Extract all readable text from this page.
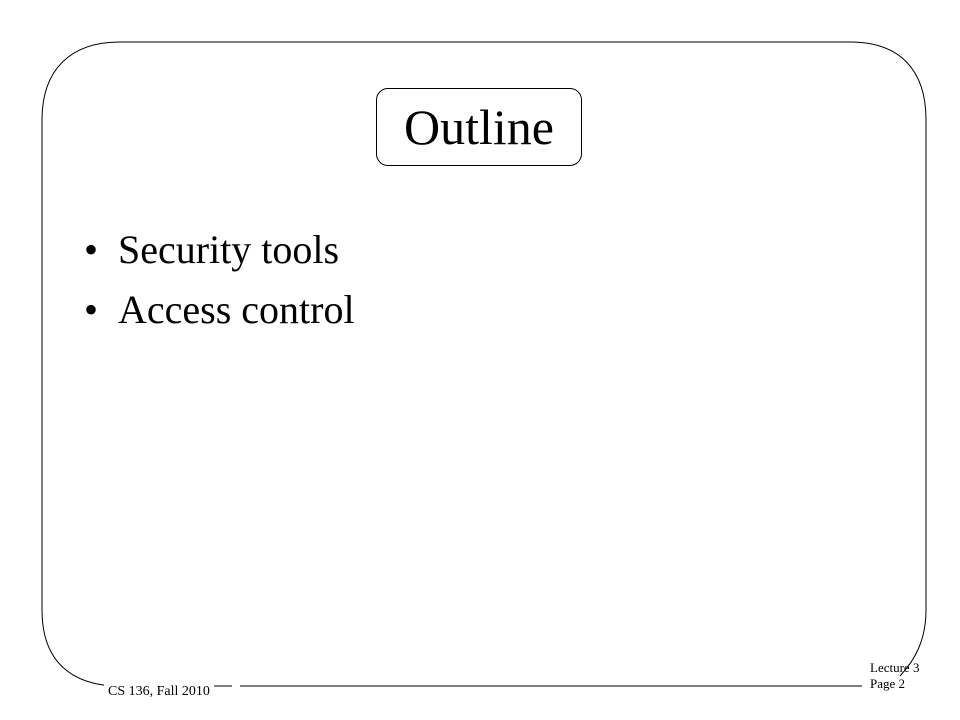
Outline
• Security tools
• Access control
CS 136, Fall 2010
Lecture 3
Page 2
